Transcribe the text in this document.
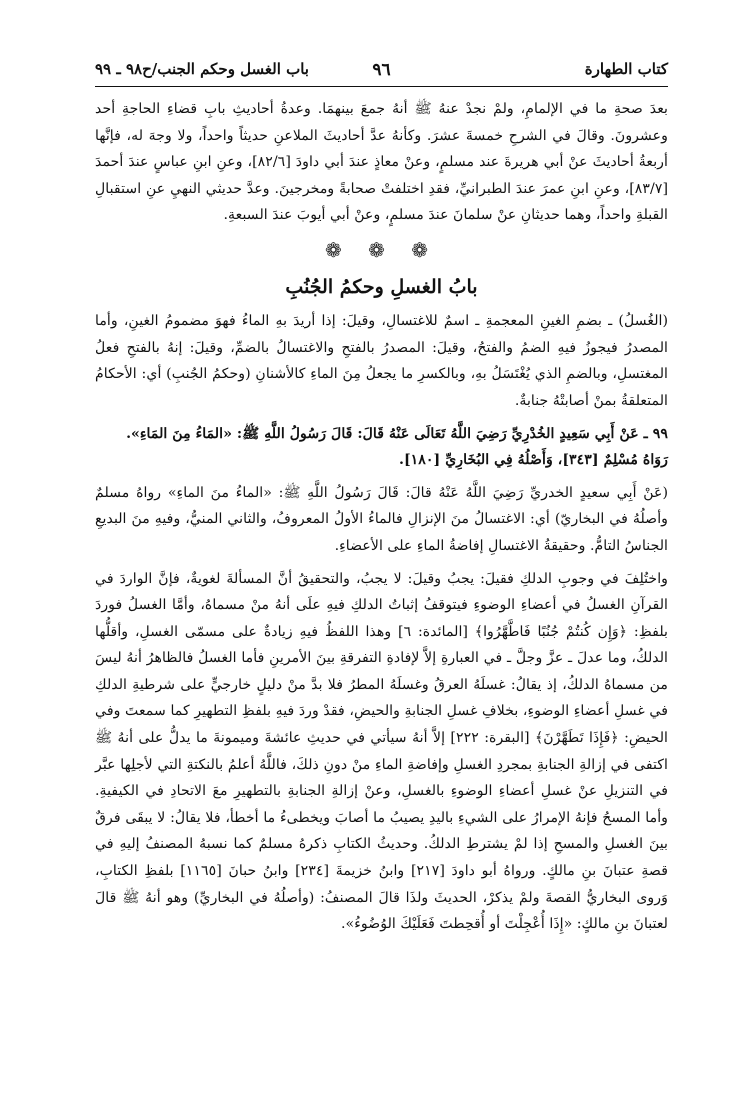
كتاب الطهارة
٩٦
باب الغسل وحكم الجنب/ح٩٨ ـ ٩٩

بعدَ صحةِ ما في الإلمامِ، ولمْ نجدْ عنهُ ﷺ أنهُ جمعَ بينهمَا. وعدةُ أحاديثِ بابِ قضاءِ الحاجةِ أحد وعشرونَ. وقالَ في الشرحِ خمسةَ عشرَ. وكأنهُ عدَّ أحاديثَ الملاعنِ حديثاً واحداً، ولا وجهَ له، فإنَّها أربعةُ أحاديثَ عنْ أبي هريرةَ عند مسلمٍ، وعنْ معاذٍ عندَ أبي داودَ [٨٢/٦]، وعنِ ابنِ عباسٍ عندَ أحمدَ [٨٣/٧]، وعنِ ابنِ عمرَ عندَ الطبرانيِّ، فقدِ اختلفتْ صحابةً ومخرجينَ. وعدَّ حديثي النهيِ عنِ استقبالِ القبلةِ واحداً، وهما حديثانِ عنْ سلمانَ عندَ مسلمٍ، وعنْ أبي أيوبَ عندَ السبعةِ.

❁ ❁ ❁
بابُ الغسلِ وحكمُ الجُنُبِ

(الغُسلُ) ـ بضمِ الغينِ المعجمةِ ـ اسمٌ للاغتسالِ، وقيلَ: إذا أريدَ بهِ الماءُ فهوَ مضمومُ الغينِ، وأما المصدرُ فيجوزُ فيهِ الضمُ والفتحُ، وقيلَ: المصدرُ بالفتحِ والاغتسالُ بالضمِّ، وقيلَ: إنهُ بالفتحِ فعلُ المغتسلِ، وبالضمِ الذي يُغْتَسَلُ بهِ، وبالكسرِ ما يجعلُ مِنَ الماءِ كالأشنانِ (وحكمُ الجُنبِ) أي: الأحكامُ المتعلقةُ بمنْ أصابتْهُ جنابةٌ.

٩٩ ـ عَنْ أَبِي سَعِيدٍ الخُدْرِيِّ رَضِيَ اللَّهُ تَعَالَى عَنْهُ قَالَ: قَالَ رَسُولُ اللَّهِ ﷺ: «المَاءُ مِنَ المَاءِ».

رَوَاهُ مُسْلِمٌ [٣٤٣]، وَأَصْلُهُ فِي البُخَارِيِّ [١٨٠].

(عَنْ أَبِي سعيدٍ الخدريِّ رَضِيَ اللَّهُ عَنْهُ قالَ: قَالَ رَسُولُ اللَّهِ ﷺ: «الماءُ منَ الماءِ» رواهُ مسلمٌ وأصلُهُ في البخاريّ) أي: الاغتسالُ منَ الإنزالِ فالماءُ الأولُ المعروفُ، والثاني المنيُّ، وفيهِ منَ البديعِ الجناسُ التامُّ. وحقيقةُ الاغتسالِ إفاضةُ الماءِ على الأعضاءِ.

واختُلِفَ في وجوبِ الدلكِ فقيلَ: يجبُ وقيلَ: لا يجبُ، والتحقيقُ أنَّ المسألةَ لغويةٌ، فإنَّ الواردَ في القرآنِ الغسلُ في أعضاءِ الوضوءِ فيتوقفُ إثباتُ الدلكِ فيهِ علَى أنهُ منْ مسماهُ، وأمَّا الغسلُ فوردَ بلفظِ: ﴿وَإِن كُنتُمْ جُنُبًا فَاطَّهَّرُوا﴾ [المائدة: ٦] وهذا اللفظُ فيهِ زيادةٌ على مسمّى الغسلِ، وأقلُّها الدلكُ، وما عدلَ ـ عزَّ وجلَّ ـ في العبارةِ إلاَّ لإفادةِ التفرقةِ بينَ الأمرينِ فأما الغسلُ فالظاهرُ أنهُ ليسَ من مسماهُ الدلكُ، إذ يقالُ: غسلَهُ العرقُ وغسلَهُ المطرُ فلا بدَّ منْ دليلٍ خارجيٍّ على شرطيةِ الدلكِ في غسلِ أعضاءِ الوضوءِ، بخلافِ غسلِ الجنابةِ والحيضِ، فقدْ وردَ فيهِ بلفظِ التطهيرِ كما سمعتَ وفي الحيضِ: ﴿فَإِذَا تَطَهَّرْنَ﴾ [البقرة: ٢٢٢] إلاَّ أنهُ سيأتي في حديثِ عائشةَ وميمونةَ ما يدلُّ على أنهُ ﷺ اكتفى في إزالةِ الجنابةِ بمجردِ الغسلِ وإفاضةِ الماءِ منْ دونِ ذلكَ، فاللَّهُ أعلمُ بالنكتةِ التي لأجلِها عبَّر في التنزيلِ عنْ غسلِ أعضاءِ الوضوءِ بالغسلِ، وعنْ إزالةِ الجنابةِ بالتطهيرِ معَ الاتحادِ في الكيفيةِ. وأما المسحُ فإنهُ الإمرارُ على الشيءِ باليدِ يصيبُ ما أصابَ ويخطىءُ ما أخطأ، فلا يقالُ: لا يبقَى فرقٌ بينَ الغسلِ والمسحِ إذا لمْ يشترطِ الدلكُ. وحديثُ الكتابِ ذكرهُ مسلمٌ كما نسبهُ المصنفُ إليهِ في قصةِ عتبانَ بنِ مالكٍ. ورواهُ أبو داودَ [٢١٧] وابنُ خزيمةَ [٢٣٤] وابنُ حبانَ [١١٦٥] بلفظِ الكتابِ، وَروى البخاريُّ القصةَ ولمْ يذكرْ، الحديثَ ولذَا قالَ المصنفُ: (وأصلُهُ في البخاريِّ) وهو أنهُ ﷺ قالَ لعتبانَ بنِ مالكٍ: «إِذَا أُعْجِلْتَ أو أُقحِطتَ فَعَلَيْكَ الوُضُوءُ».
